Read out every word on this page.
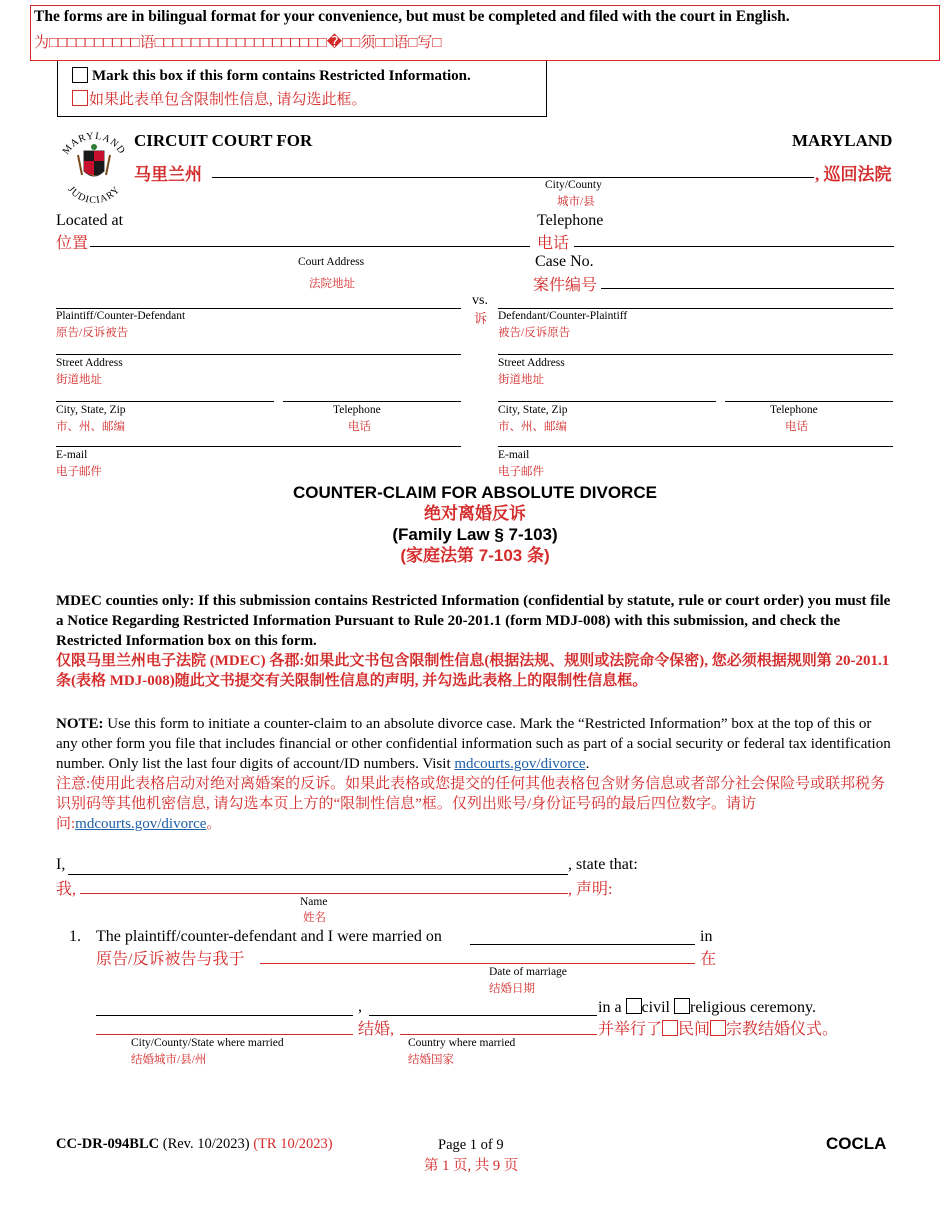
The forms are in bilingual format for your convenience, but must be completed and filed with the court in English.
为□□□□□□□□□□语□□□□□□□□□□□□□□□□□□□�□□须□□语□写□
Mark this box if this form contains Restricted Information.
如果此表单包含限制性信息, 请勾选此框。
MARYLAND
JUDICIARY
CIRCUIT COURT FOR	MARYLAND
马里兰州	, 巡回法院
City/County
城市/县
Located at
位置
Court Address
法院地址
Telephone
电话
Case No.
案件编号
vs.
诉
Plaintiff/Counter-Defendant
原告/反诉被告
Street Address
街道地址
City, State, Zip
市、州、邮编
Telephone
电话
E-mail
电子邮件
Defendant/Counter-Plaintiff
被告/反诉原告
Street Address
街道地址
City, State, Zip
市、州、邮编
Telephone
电话
E-mail
电子邮件
COUNTER-CLAIM FOR ABSOLUTE DIVORCE
绝对离婚反诉
(Family Law § 7-103)
(家庭法第 7-103 条)
MDEC counties only: If this submission contains Restricted Information (confidential by statute, rule or court order) you must file a Notice Regarding Restricted Information Pursuant to Rule 20-201.1 (form MDJ-008) with this submission, and check the Restricted Information box on this form.
仅限马里兰州电子法院 (MDEC) 各郡:如果此文书包含限制性信息(根据法规、规则或法院命令保密), 您必须根据规则第 20-201.1 条(表格 MDJ-008)随此文书提交有关限制性信息的声明, 并勾选此表格上的限制性信息框。
NOTE: Use this form to initiate a counter-claim to an absolute divorce case. Mark the “Restricted Information” box at the top of this or any other form you file that includes financial or other confidential information such as part of a social security or federal tax identification number. Only list the last four digits of account/ID numbers. Visit mdcourts.gov/divorce.
注意:使用此表格启动对绝对离婚案的反诉。如果此表格或您提交的任何其他表格包含财务信息或者部分社会保险号或联邦税务识别码等其他机密信息, 请勾选本页上方的“限制性信息”框。仅列出账号/身份证号码的最后四位数字。请访问:mdcourts.gov/divorce。
I,
我,
, state that:
, 声明:
Name
姓名
1. The plaintiff/counter-defendant and I were married on	in
原告/反诉被告与我于	在
Date of marriage
结婚日期
,
结婚,
in a civil religious ceremony.
并举行了 民间 宗教结婚仪式。
City/County/State where married
结婚城市/县/州
Country where married
结婚国家
CC-DR-094BLC (Rev. 10/2023) (TR 10/2023)	Page 1 of 9
第 1 页, 共 9 页
COCLA
